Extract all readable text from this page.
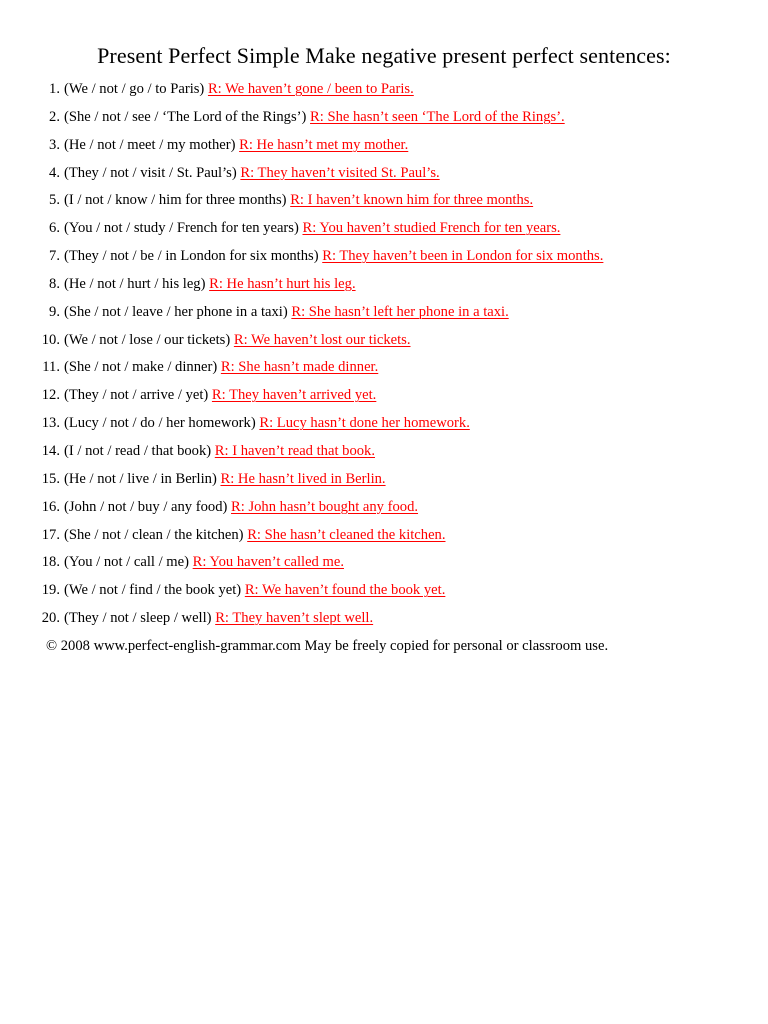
Present Perfect Simple Make negative present perfect sentences:
1. (We / not / go / to Paris) R: We haven’t gone / been to Paris.
2. (She / not / see / ‘The Lord of the Rings’) R: She hasn’t seen ‘The Lord of the Rings’.
3. (He / not / meet / my mother) R: He hasn’t met my mother.
4. (They / not / visit / St. Paul’s) R: They haven’t visited St. Paul’s.
5. (I / not / know / him for three months) R: I haven’t known him for three months.
6. (You / not / study / French for ten years) R: You haven’t studied French for ten years.
7. (They / not / be / in London for six months) R: They haven’t been in London for six months.
8. (He / not / hurt / his leg) R: He hasn’t hurt his leg.
9. (She / not / leave / her phone in a taxi) R: She hasn’t left her phone in a taxi.
10. (We / not / lose / our tickets) R: We haven’t lost our tickets.
11. (She / not / make / dinner) R: She hasn’t made dinner.
12. (They / not / arrive / yet) R: They haven’t arrived yet.
13. (Lucy / not / do / her homework) R: Lucy hasn’t done her homework.
14. (I / not / read / that book) R: I haven’t read that book.
15. (He / not / live / in Berlin) R: He hasn’t lived in Berlin.
16. (John / not / buy / any food) R: John hasn’t bought any food.
17. (She / not / clean / the kitchen) R: She hasn’t cleaned the kitchen.
18. (You / not / call / me) R: You haven’t called me.
19. (We / not / find / the book yet) R: We haven’t found the book yet.
20. (They / not / sleep / well) R: They haven’t slept well.
© 2008 www.perfect-english-grammar.com May be freely copied for personal or classroom use.
